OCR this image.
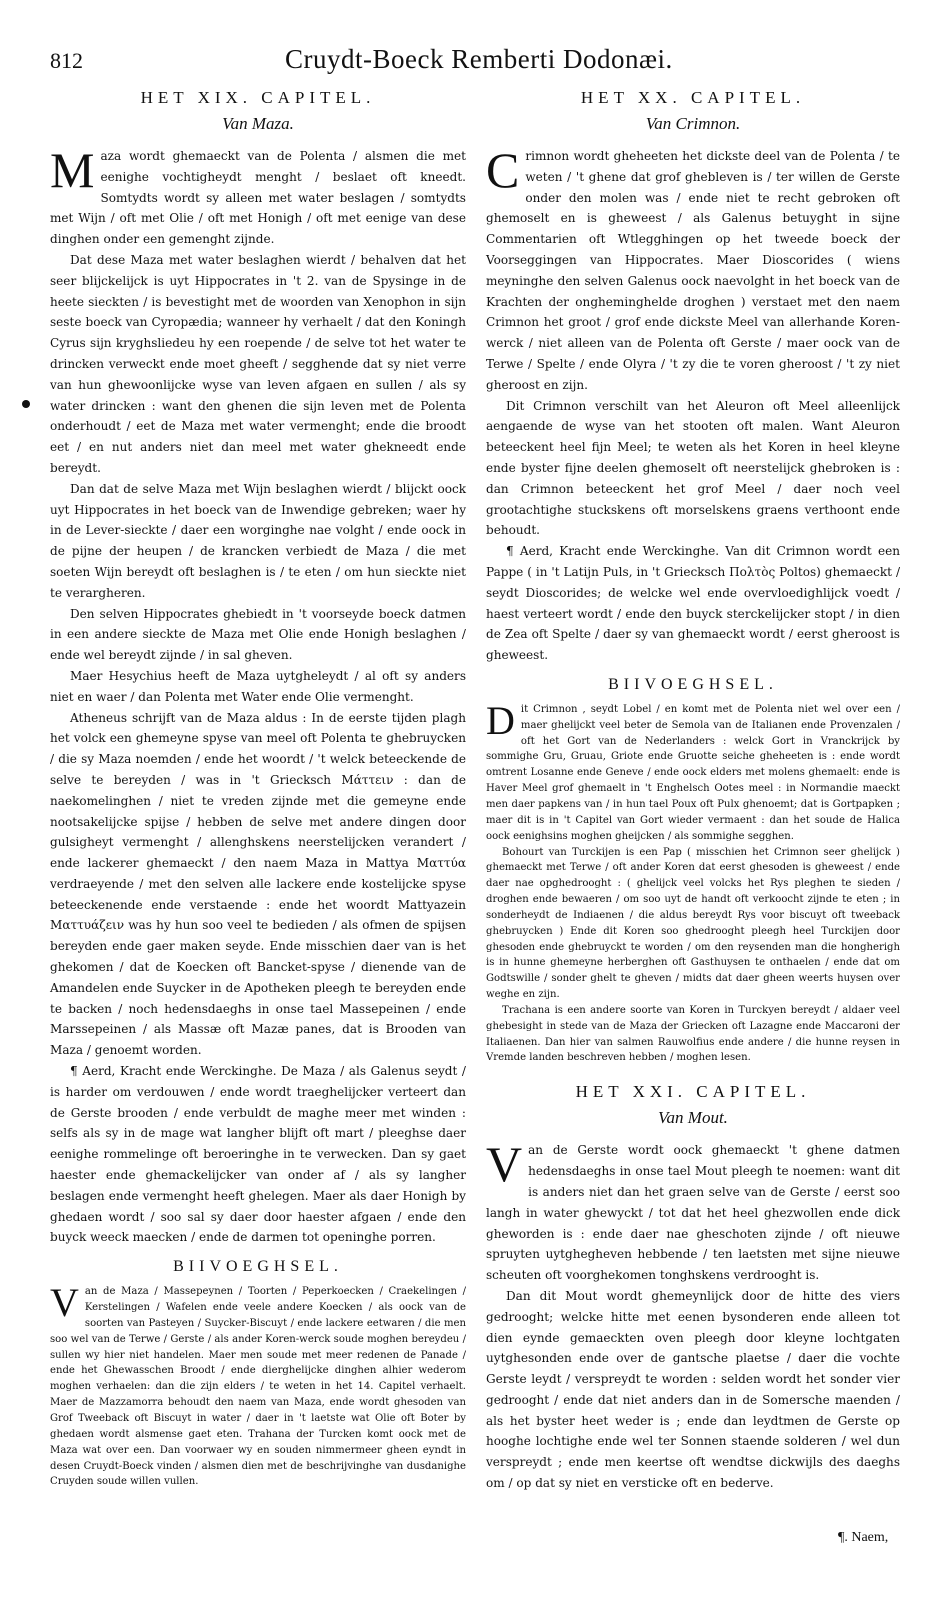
812	Cruydt-Boeck Remberti Dodonæi.
HET XIX. CAPITEL.
Van Maza.

Maza wordt ghemaeckt van de Polenta / alsmen die met eenighe vochtigheydt menght / beslaet oft kneedt. Somtydts wordt sy alleen met water beslagen / somtydts met Wijn / oft met Olie / oft met Honigh / oft met eenige van dese dinghen onder een gemenght zijnde.

Dat dese Maza met water beslaghen wierdt / behalven dat het seer blijckelijck is uyt Hippocrates in 't 2. van de Spysinge in de heete sieckten / is bevestight met de woorden van Xenophon in sijn seste boeck van Cyropædia; wanneer hy verhaelt / dat den Koningh Cyrus sijn kryghsliedeu hy een roepende / de selve tot het water te drincken verweckt ende moet gheeft / segghende dat sy niet verre van hun ghewoonlijcke wyse van leven afgaen en sullen / als sy water drincken : want den ghenen die sijn leven met de Polenta onderhoudt / eet de Maza met water vermenght; ende die broodt eet / en nut anders niet dan meel met water ghekneedt ende bereydt.

Dan dat de selve Maza met Wijn beslaghen wierdt / blijckt oock uyt Hippocrates in het boeck van de Inwendige gebreken; waer hy in de Lever-sieckte / daer een worginghe nae volght / ende oock in de pijne der heupen / de krancken verbiedt de Maza / die met soeten Wijn bereydt oft beslaghen is / te eten / om hun sieckte niet te verargheren.

Den selven Hippocrates ghebiedt in 't voorseyde boeck datmen in een andere sieckte de Maza met Olie ende Honigh beslaghen / ende wel bereydt zijnde / in sal gheven.

Maer Hesychius heeft de Maza uytgheleydt / al oft sy anders niet en waer / dan Polenta met Water ende Olie vermenght.

Atheneus schrijft van de Maza aldus : In de eerste tijden plagh het volck een ghemeyne spyse van meel oft Polenta te ghebruycken / die sy Maza noemden / ende het woordt / 't welck beteeckende de selve te bereyden / was in 't Griecksch Μάττειν : dan de naekomelinghen / niet te vreden zijnde met die gemeyne ende nootsakelijcke spijse / hebben de selve met andere dingen door gulsigheyt vermenght / allenghskens neerstelijcken verandert / ende lackerer ghemaeckt / den naem Maza in Mattya Ματτύα verdraeyende / met den selven alle lackere ende kostelijcke spyse beteeckenende ende verstaende : ende het woordt Mattyazein Ματτυάζειν was hy hun soo veel te bedieden / als ofmen de spijsen bereyden ende gaer maken seyde. Ende misschien daer van is het ghekomen / dat de Koecken oft Bancket-spyse / dienende van de Amandelen ende Suycker in de Apotheken pleegh te bereyden ende te backen / noch hedensdaeghs in onse tael Massepeinen / ende Marssepeinen / als Massæ oft Mazæ panes, dat is Brooden van Maza / genoemt worden.

¶ Aerd, Kracht ende Werckinghe. De Maza / als Galenus seydt / is harder om verdouwen / ende wordt traeghelijcker verteert dan de Gerste brooden / ende verbuldt de maghe meer met winden : selfs als sy in de mage wat langher blijft oft mart / pleeghse daer eenighe rommelinge oft beroeringhe in te verwecken. Dan sy gaet haester ende ghemackelijcker van onder af / als sy langher beslagen ende vermenght heeft ghelegen. Maer als daer Honigh by ghedaen wordt / soo sal sy daer door haester afgaen / ende den buyck weeck maecken / ende de darmen tot openinghe porren.

BIIVOEGHSEL.

Van de Maza / Massepeynen / Toorten / Peperkoecken / Craekelingen / Kerstelingen / Wafelen ende veele andere Koecken / als oock van de soorten van Pasteyen / Suycker-Biscuyt / ende lackere eetwaren / die men soo wel van de Terwe / Gerste / als ander Koren-werck soude moghen bereydeu / sullen wy hier niet handelen. Maer men soude met meer redenen de Panade / ende het Ghewasschen Broodt / ende dierghelijcke dinghen alhier wederom moghen verhaelen: dan die zijn elders / te weten in het 14. Capitel verhaelt. Maer de Mazzamorra behoudt den naem van Maza, ende wordt ghesoden van Grof Tweeback oft Biscuyt in water / daer in 't laetste wat Olie oft Boter by ghedaen wordt alsmense gaet eten. Trahana der Turcken komt oock met de Maza wat over een. Dan voorwaer wy en souden nimmermeer gheen eyndt in desen Cruydt-Boeck vinden / alsmen dien met de beschrijvinghe van dusdanighe Cruyden soude willen vullen.

HET XX. CAPITEL.
Van Crimnon.

Crimnon wordt gheheeten het dickste deel van de Polenta / te weten / 't ghene dat grof ghebleven is / ter willen de Gerste onder den molen was / ende niet te recht gebroken oft ghemoselt en is gheweest / als Galenus betuyght in sijne Commentarien oft Wtlegghingen op het tweede boeck der Voorseggingen van Hippocrates. Maer Dioscorides ( wiens meyninghe den selven Galenus oock naevolght in het boeck van de Krachten der ongheminghelde droghen ) verstaet met den naem Crimnon het groot / grof ende dickste Meel van allerhande Koren-werck / niet alleen van de Polenta oft Gerste / maer oock van de Terwe / Spelte / ende Olyra / 't zy die te voren gheroost / 't zy niet gheroost en zijn.

Dit Crimnon verschilt van het Aleuron oft Meel alleenlijck aengaende de wyse van het stooten oft malen. Want Aleuron beteeckent heel fijn Meel; te weten als het Koren in heel kleyne ende byster fijne deelen ghemoselt oft neerstelijck ghebroken is : dan Crimnon beteeckent het grof Meel / daer noch veel grootachtighe stuckskens oft morselskens graens verthoont ende behoudt.

¶ Aerd, Kracht ende Werckinghe. Van dit Crimnon wordt een Pappe ( in 't Latijn Puls, in 't Griecksch Πολτὸς Poltos) ghemaeckt / seydt Dioscorides; de welcke wel ende overvloedighlijck voedt / haest verteert wordt / ende den buyck sterckelijcker stopt / in dien de Zea oft Spelte / daer sy van ghemaeckt wordt / eerst gheroost is gheweest.

BIIVOEGHSEL.

Dit Crimnon , seydt Lobel / en komt met de Polenta niet wel over een / maer ghelijckt veel beter de Semola van de Italianen ende Provenzalen / oft het Gort van de Nederlanders : welck Gort in Vranckrijck by sommighe Gru, Gruau, Griote ende Gruotte seiche gheheeten is : ende wordt omtrent Losanne ende Geneve / ende oock elders met molens ghemaelt: ende is Haver Meel grof ghemaelt in 't Enghelsch Ootes meel : in Normandie maeckt men daer papkens van / in hun tael Poux oft Pulx ghenoemt; dat is Gortpapken ; maer dit is in 't Capitel van Gort wieder vermaent : dan het soude de Halica oock eenighsins moghen gheijcken / als sommighe segghen.

Bohourt van Turckijen is een Pap ( misschien het Crimnon seer ghelijck ) ghemaeckt met Terwe / oft ander Koren dat eerst ghesoden is gheweest / ende daer nae opghedrooght : ( ghelijck veel volcks het Rys pleghen te sieden / droghen ende bewaeren / om soo uyt de handt oft verkoocht zijnde te eten ; in sonderheydt de Indiaenen / die aldus bereydt Rys voor biscuyt oft tweeback ghebruycken ) Ende dit Koren soo ghedrooght pleegh heel Turckijen door ghesoden ende ghebruyckt te worden / om den reysenden man die hongherigh is in hunne ghemeyne herberghen oft Gasthuysen te onthaelen / ende dat om Godtswille / sonder ghelt te gheven / midts dat daer gheen weerts huysen over weghe en zijn.

Trachana is een andere soorte van Koren in Turckyen bereydt / aldaer veel ghebesight in stede van de Maza der Griecken oft Lazagne ende Maccaroni der Italiaenen. Dan hier van salmen Rauwolfius ende andere / die hunne reysen in Vremde landen beschreven hebben / moghen lesen.

HET XXI. CAPITEL.
Van Mout.

Van de Gerste wordt oock ghemaeckt 't ghene datmen hedensdaeghs in onse tael Mout pleegh te noemen: want dit is anders niet dan het graen selve van de Gerste / eerst soo langh in water ghewyckt / tot dat het heel ghezwollen ende dick gheworden is : ende daer nae gheschoten zijnde / oft nieuwe spruyten uytghegheven hebbende / ten laetsten met sijne nieuwe scheuten oft voorghekomen tonghskens verdrooght is.

Dan dit Mout wordt ghemeynlijck door de hitte des viers gedrooght; welcke hitte met eenen bysonderen ende alleen tot dien eynde gemaeckten oven pleegh door kleyne lochtgaten uytghesonden ende over de gantsche plaetse / daer die vochte Gerste leydt / verspreydt te worden : selden wordt het sonder vier gedrooght / ende dat niet anders dan in de Somersche maenden / als het byster heet weder is ; ende dan leydtmen de Gerste op hooghe lochtighe ende wel ter Sonnen staende solderen / wel dun verspreydt ; ende men keertse oft wendtse dickwijls des daeghs om / op dat sy niet en versticke oft en bederve.

¶. Naem,
